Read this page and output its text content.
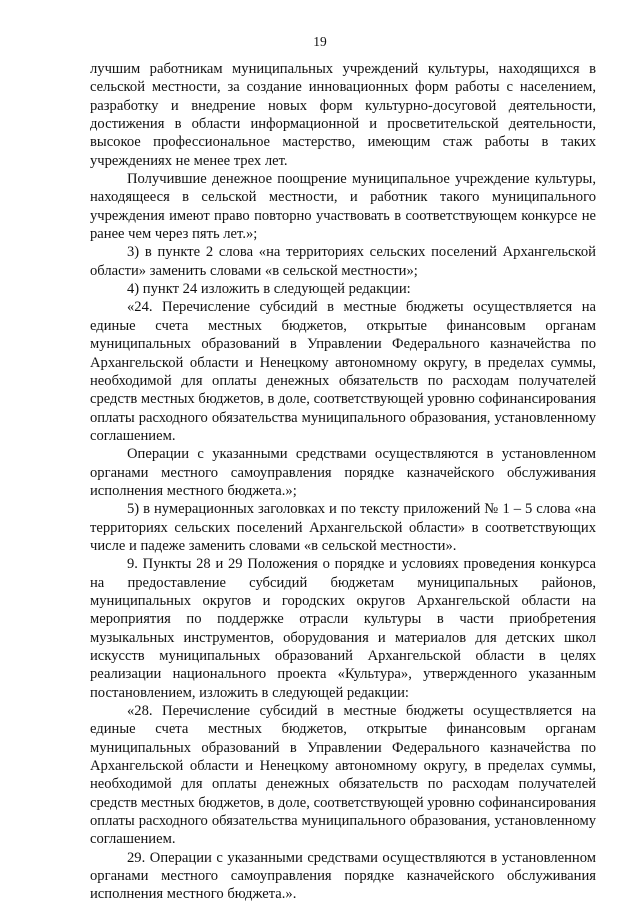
19

лучшим работникам муниципальных учреждений культуры, находящихся в сельской местности, за создание инновационных форм работы с населением, разработку и внедрение новых форм культурно-досуговой деятельности, достижения в области информационной и просветительской деятельности, высокое профессиональное мастерство, имеющим стаж работы в таких учреждениях не менее трех лет.

Получившие денежное поощрение муниципальное учреждение культуры, находящееся в сельской местности, и работник такого муниципального учреждения имеют право повторно участвовать в соответствующем конкурсе не ранее чем через пять лет.»;

3) в пункте 2 слова «на территориях сельских поселений Архангельской области» заменить словами «в сельской местности»;

4) пункт 24 изложить в следующей редакции:

«24. Перечисление субсидий в местные бюджеты осуществляется на единые счета местных бюджетов, открытые финансовым органам муниципальных образований в Управлении Федерального казначейства по Архангельской области и Ненецкому автономному округу, в пределах суммы, необходимой для оплаты денежных обязательств по расходам получателей средств местных бюджетов, в доле, соответствующей уровню софинансирования оплаты расходного обязательства муниципального образования, установленному соглашением.

Операции с указанными средствами осуществляются в установленном органами местного самоуправления порядке казначейского обслуживания исполнения местного бюджета.»;

5) в нумерационных заголовках и по тексту приложений № 1 – 5 слова «на территориях сельских поселений Архангельской области» в соответствующих числе и падеже заменить словами «в сельской местности».

9. Пункты 28 и 29 Положения о порядке и условиях проведения конкурса на предоставление субсидий бюджетам муниципальных районов, муниципальных округов и городских округов Архангельской области на мероприятия по поддержке отрасли культуры в части приобретения музыкальных инструментов, оборудования и материалов для детских школ искусств муниципальных образований Архангельской области в целях реализации национального проекта «Культура», утвержденного указанным постановлением, изложить в следующей редакции:

«28. Перечисление субсидий в местные бюджеты осуществляется на единые счета местных бюджетов, открытые финансовым органам муниципальных образований в Управлении Федерального казначейства по Архангельской области и Ненецкому автономному округу, в пределах суммы, необходимой для оплаты денежных обязательств по расходам получателей средств местных бюджетов, в доле, соответствующей уровню софинансирования оплаты расходного обязательства муниципального образования, установленному соглашением.

29. Операции с указанными средствами осуществляются в установленном органами местного самоуправления порядке казначейского обслуживания исполнения местного бюджета.».
